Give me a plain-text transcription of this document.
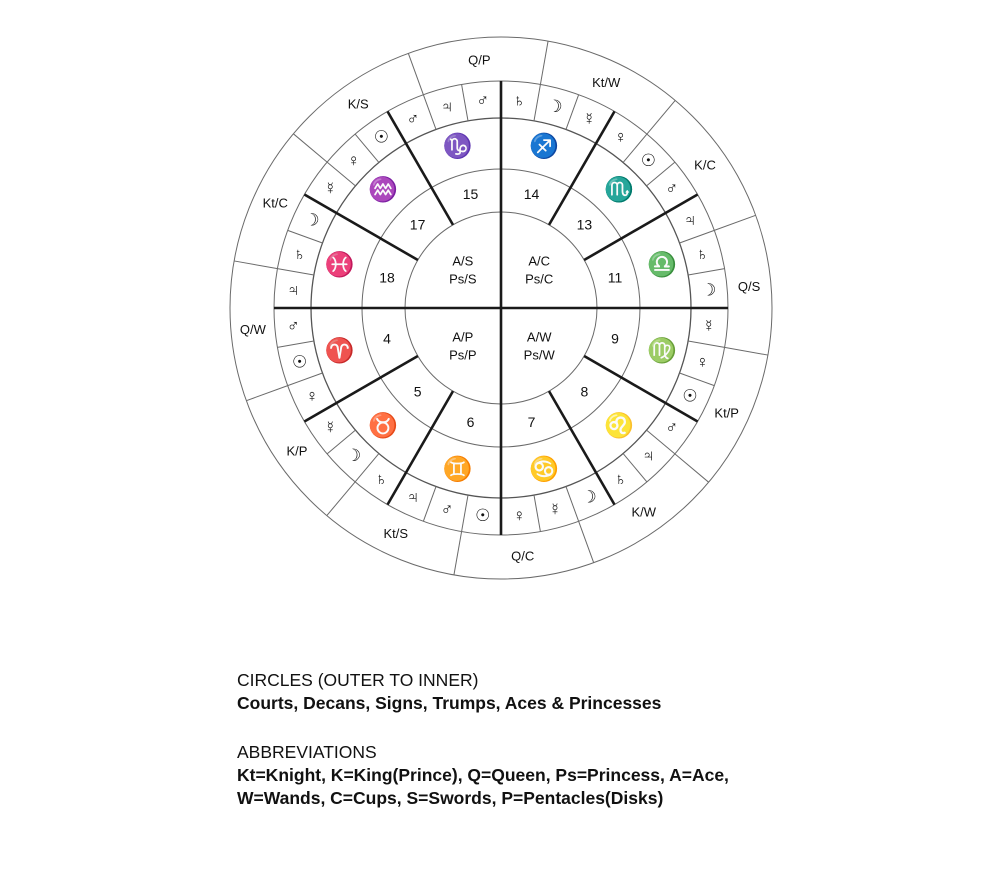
Q/P
Kt/W
K/C
Q/S
Kt/P
K/W
Q/C
Kt/S
K/P
Q/W
Kt/C
K/S	♄ ☽
☿
♀
☉
♂
♃
♄
☽
☿
♀
☉
♂
♃
♄
☽
☿
♀
☉
♂
♃
♄
☽
☿
♀
☉
♂
♃
♄
☽
☿
♀
☉
♂
♃ ♂
♐
♏
♎
♍
♌
♋
♊
♉
♈
♓
♒
♑
14
13
11
9
8
7
6
5
4
18
17
15
A/C
Ps/C
A/W
Ps/W
A/P
Ps/P
A/S
Ps/S
CIRCLES (OUTER TO INNER)
Courts, Decans, Signs, Trumps, Aces & Princesses
ABBREVIATIONS
Kt=Knight, K=King(Prince), Q=Queen, Ps=Princess, A=Ace,
W=Wands, C=Cups, S=Swords, P=Pentacles(Disks)
